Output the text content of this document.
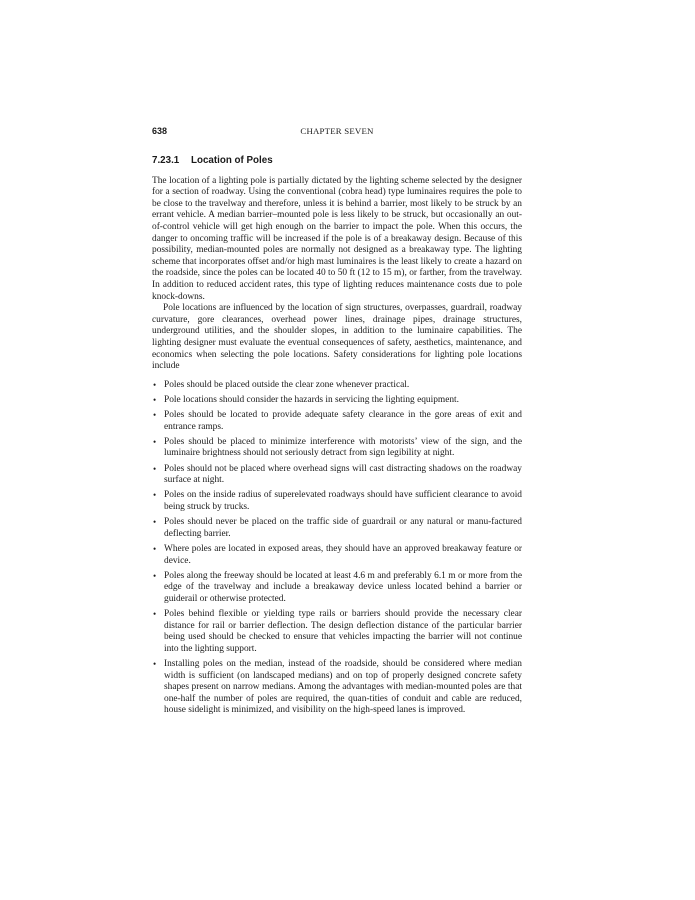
638	CHAPTER SEVEN
7.23.1 Location of Poles

The location of a lighting pole is partially dictated by the lighting scheme selected by the designer for a section of roadway. Using the conventional (cobra head) type luminaires requires the pole to be close to the travelway and therefore, unless it is behind a barrier, most likely to be struck by an errant vehicle. A median barrier–mounted pole is less likely to be struck, but occasionally an out-of-control vehicle will get high enough on the barrier to impact the pole. When this occurs, the danger to oncoming traffic will be increased if the pole is of a breakaway design. Because of this possibility, median-mounted poles are normally not designed as a breakaway type. The lighting scheme that incorporates offset and/or high mast luminaires is the least likely to create a hazard on the roadside, since the poles can be located 40 to 50 ft (12 to 15 m), or farther, from the travelway. In addition to reduced accident rates, this type of lighting reduces maintenance costs due to pole knock-downs.

Pole locations are influenced by the location of sign structures, overpasses, guardrail, roadway curvature, gore clearances, overhead power lines, drainage pipes, drainage structures, underground utilities, and the shoulder slopes, in addition to the luminaire capabilities. The lighting designer must evaluate the eventual consequences of safety, aesthetics, maintenance, and economics when selecting the pole locations. Safety considerations for lighting pole locations include

• Poles should be placed outside the clear zone whenever practical.
• Pole locations should consider the hazards in servicing the lighting equipment.
• Poles should be located to provide adequate safety clearance in the gore areas of exit and entrance ramps.
• Poles should be placed to minimize interference with motorists’ view of the sign, and the luminaire brightness should not seriously detract from sign legibility at night.
• Poles should not be placed where overhead signs will cast distracting shadows on the roadway surface at night.
• Poles on the inside radius of superelevated roadways should have sufficient clearance to avoid being struck by trucks.
• Poles should never be placed on the traffic side of guardrail or any natural or manu-factured deflecting barrier.
• Where poles are located in exposed areas, they should have an approved breakaway feature or device.
• Poles along the freeway should be located at least 4.6 m and preferably 6.1 m or more from the edge of the travelway and include a breakaway device unless located behind a barrier or guiderail or otherwise protected.
• Poles behind flexible or yielding type rails or barriers should provide the necessary clear distance for rail or barrier deflection. The design deflection distance of the particular barrier being used should be checked to ensure that vehicles impacting the barrier will not continue into the lighting support.
• Installing poles on the median, instead of the roadside, should be considered where median width is sufficient (on landscaped medians) and on top of properly designed concrete safety shapes present on narrow medians. Among the advantages with median-mounted poles are that one-half the number of poles are required, the quan-tities of conduit and cable are reduced, house sidelight is minimized, and visibility on the high-speed lanes is improved.
